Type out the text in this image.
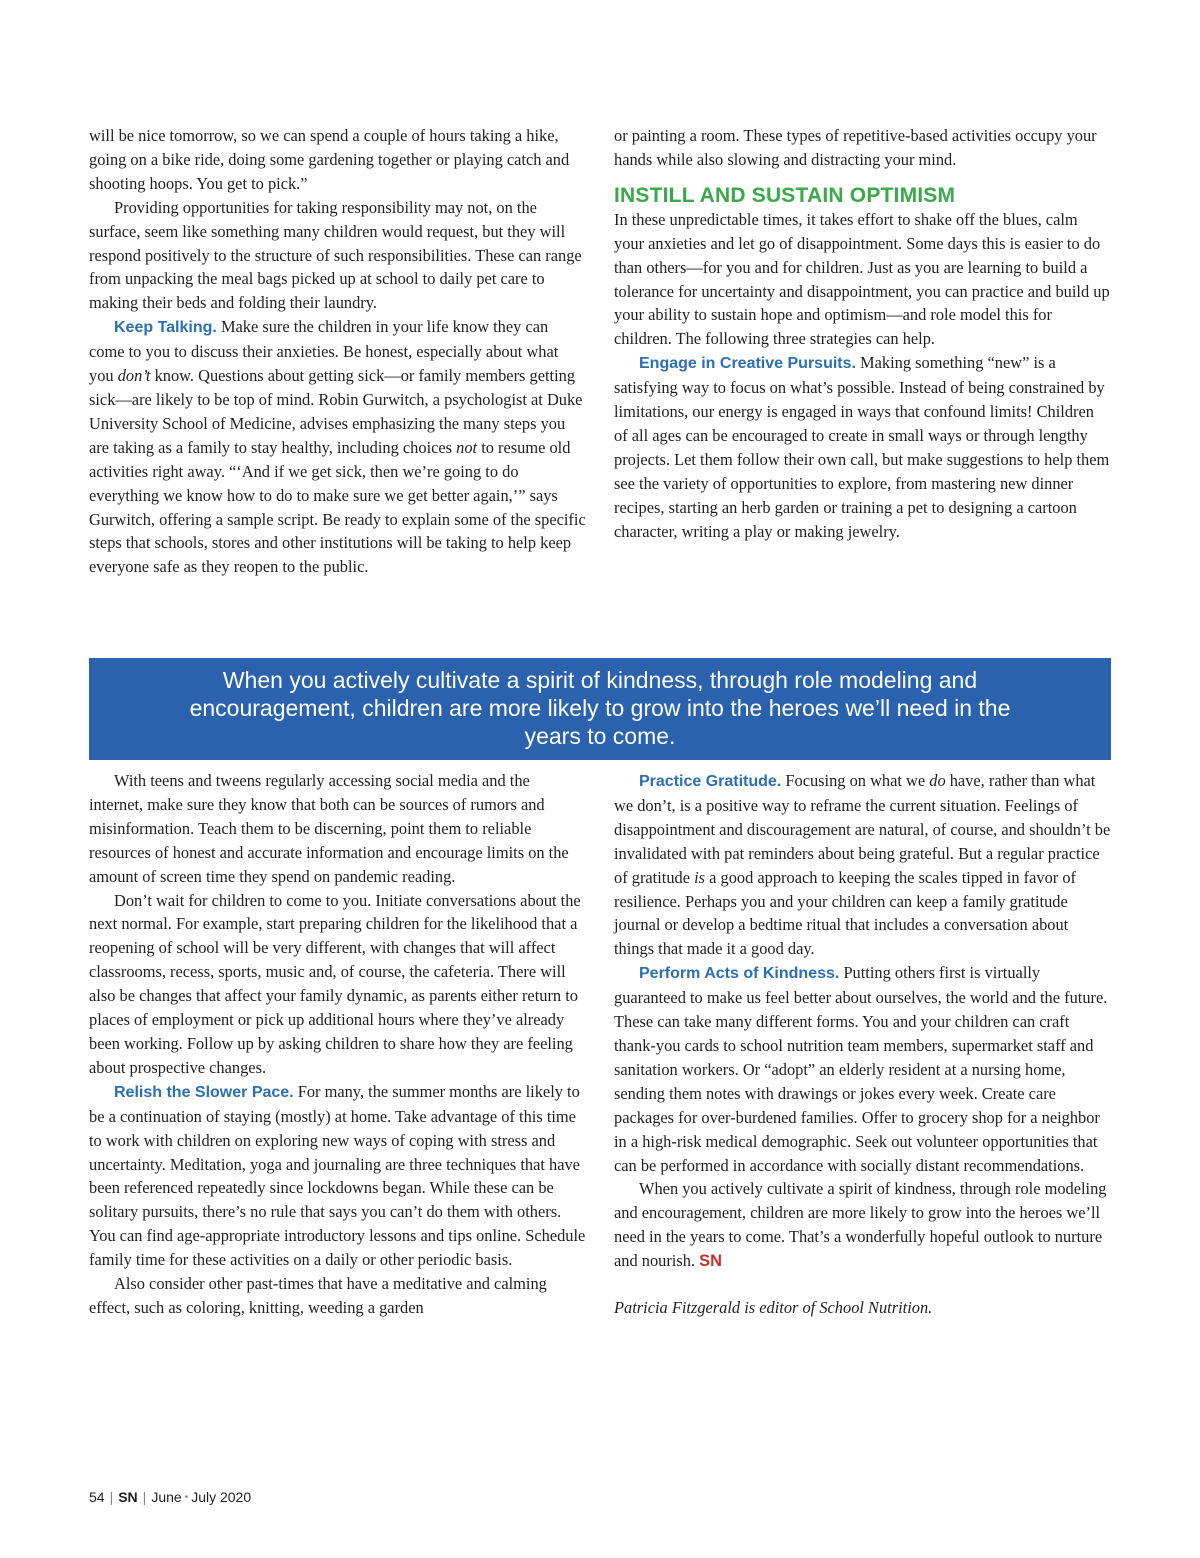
will be nice tomorrow, so we can spend a couple of hours taking a hike, going on a bike ride, doing some gardening together or playing catch and shooting hoops. You get to pick.”

Providing opportunities for taking responsibility may not, on the surface, seem like something many children would request, but they will respond positively to the structure of such responsibilities. These can range from unpacking the meal bags picked up at school to daily pet care to making their beds and folding their laundry.

Keep Talking. Make sure the children in your life know they can come to you to discuss their anxieties. Be honest, especially about what you don’t know. Questions about getting sick—or family members getting sick—are likely to be top of mind. Robin Gurwitch, a psychologist at Duke University School of Medicine, advises emphasizing the many steps you are taking as a family to stay healthy, including choices not to resume old activities right away. “‘And if we get sick, then we’re going to do everything we know how to do to make sure we get better again,’” says Gurwitch, offering a sample script. Be ready to explain some of the specific steps that schools, stores and other institutions will be taking to help keep everyone safe as they reopen to the public.

or painting a room. These types of repetitive-based activities occupy your hands while also slowing and distracting your mind.

INSTILL AND SUSTAIN OPTIMISM

In these unpredictable times, it takes effort to shake off the blues, calm your anxieties and let go of disappointment. Some days this is easier to do than others—for you and for children. Just as you are learning to build a tolerance for uncertainty and disappointment, you can practice and build up your ability to sustain hope and optimism—and role model this for children. The following three strategies can help.

Engage in Creative Pursuits. Making something “new” is a satisfying way to focus on what’s possible. Instead of being constrained by limitations, our energy is engaged in ways that confound limits! Children of all ages can be encouraged to create in small ways or through lengthy projects. Let them follow their own call, but make suggestions to help them see the variety of opportunities to explore, from mastering new dinner recipes, starting an herb garden or training a pet to designing a cartoon character, writing a play or making jewelry.

When you actively cultivate a spirit of kindness, through role modeling and encouragement, children are more likely to grow into the heroes we’ll need in the years to come.

With teens and tweens regularly accessing social media and the internet, make sure they know that both can be sources of rumors and misinformation. Teach them to be discerning, point them to reliable resources of honest and accurate information and encourage limits on the amount of screen time they spend on pandemic reading.

Don’t wait for children to come to you. Initiate conversations about the next normal. For example, start preparing children for the likelihood that a reopening of school will be very different, with changes that will affect classrooms, recess, sports, music and, of course, the cafeteria. There will also be changes that affect your family dynamic, as parents either return to places of employment or pick up additional hours where they’ve already been working. Follow up by asking children to share how they are feeling about prospective changes.

Relish the Slower Pace. For many, the summer months are likely to be a continuation of staying (mostly) at home. Take advantage of this time to work with children on exploring new ways of coping with stress and uncertainty. Meditation, yoga and journaling are three techniques that have been referenced repeatedly since lockdowns began. While these can be solitary pursuits, there’s no rule that says you can’t do them with others. You can find age-appropriate introductory lessons and tips online. Schedule family time for these activities on a daily or other periodic basis.

Also consider other past-times that have a meditative and calming effect, such as coloring, knitting, weeding a garden

Practice Gratitude. Focusing on what we do have, rather than what we don’t, is a positive way to reframe the current situation. Feelings of disappointment and discouragement are natural, of course, and shouldn’t be invalidated with pat reminders about being grateful. But a regular practice of gratitude is a good approach to keeping the scales tipped in favor of resilience. Perhaps you and your children can keep a family gratitude journal or develop a bedtime ritual that includes a conversation about things that made it a good day.

Perform Acts of Kindness. Putting others first is virtually guaranteed to make us feel better about ourselves, the world and the future. These can take many different forms. You and your children can craft thank-you cards to school nutrition team members, supermarket staff and sanitation workers. Or “adopt” an elderly resident at a nursing home, sending them notes with drawings or jokes every week. Create care packages for over-burdened families. Offer to grocery shop for a neighbor in a high-risk medical demographic. Seek out volunteer opportunities that can be performed in accordance with socially distant recommendations.

When you actively cultivate a spirit of kindness, through role modeling and encouragement, children are more likely to grow into the heroes we’ll need in the years to come. That’s a wonderfully hopeful outlook to nurture and nourish. SN

Patricia Fitzgerald is editor of School Nutrition.

54 | SN | June • July 2020
